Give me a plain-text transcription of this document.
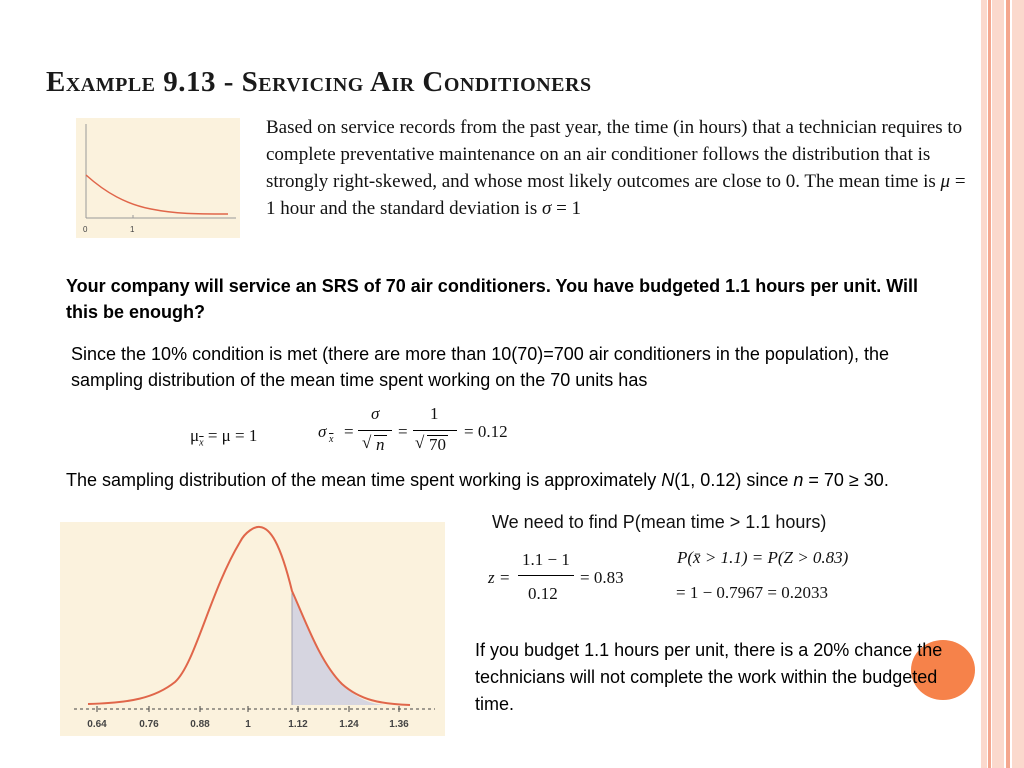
Example 9.13 - Servicing Air Conditioners
0	1
Based on service records from the past year, the time (in hours) that a technician requires to complete preventative maintenance on an air conditioner follows the distribution that is strongly right-skewed, and whose most likely outcomes are close to 0. The mean time is μ = 1 hour and the standard deviation is σ = 1
Your company will service an SRS of 70 air conditioners. You have budgeted 1.1 hours per unit. Will this be enough?
Since the 10% condition is met (there are more than 10(70)=700 air conditioners in the population), the sampling distribution of the mean time spent working on the 70 units has
$\mu_{\overline{x}} = \mu = 1$	σ $\overline{x}$ =
σ
√ n
=
1
√ 70
= 0.12
The sampling distribution of the mean time spent working is approximately N(1, 0.12) since n = 70 ≥ 30.
0.64	0.76	0.88	1	1.12	1.24	1.36
We need to find P(mean time > 1.1 hours)
z =
1.1 − 1
0.12
= 0.83
P(x̄ > 1.1) = P(Z > 0.83)
= 1 − 0.7967 = 0.2033
If you budget 1.1 hours per unit, there is a 20% chance the technicians will not complete the work within the budgeted time.
